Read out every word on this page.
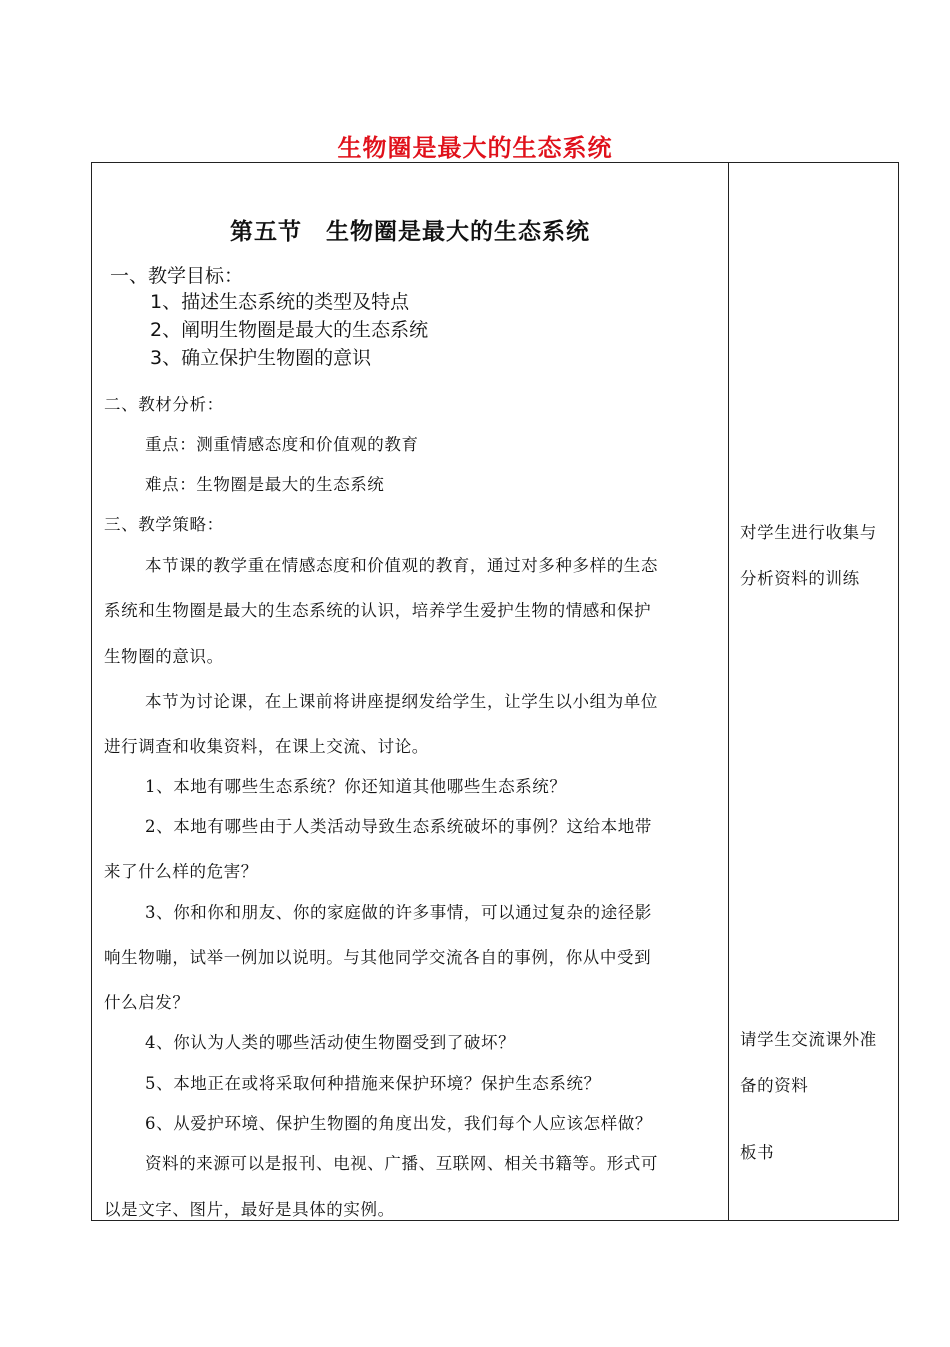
生物圈是最大的生态系统
第五节　生物圈是最大的生态系统
一、教学目标：
1、描述生态系统的类型及特点
2、阐明生物圈是最大的生态系统
3、确立保护生物圈的意识
二、教材分析：
重点：测重情感态度和价值观的教育
难点：生物圈是最大的生态系统
三、教学策略：
本节课的教学重在情感态度和价值观的教育，通过对多种多样的生态
系统和生物圈是最大的生态系统的认识，培养学生爱护生物的情感和保护
生物圈的意识。
本节为讨论课，在上课前将讲座提纲发给学生，让学生以小组为单位
进行调查和收集资料，在课上交流、讨论。
1、本地有哪些生态系统？你还知道其他哪些生态系统？
2、本地有哪些由于人类活动导致生态系统破坏的事例？这给本地带
来了什么样的危害？
3、你和你和朋友、你的家庭做的许多事情，可以通过复杂的途径影
响生物嘣，试举一例加以说明。与其他同学交流各自的事例，你从中受到
什么启发？
4、你认为人类的哪些活动使生物圈受到了破坏？
5、本地正在或将采取何种措施来保护环境？保护生态系统？
6、从爱护环境、保护生物圈的角度出发，我们每个人应该怎样做？
资料的来源可以是报刊、电视、广播、互联网、相关书籍等。形式可
以是文字、图片，最好是具体的实例。
对学生进行收集与
分析资料的训练
请学生交流课外准
备的资料
板书
